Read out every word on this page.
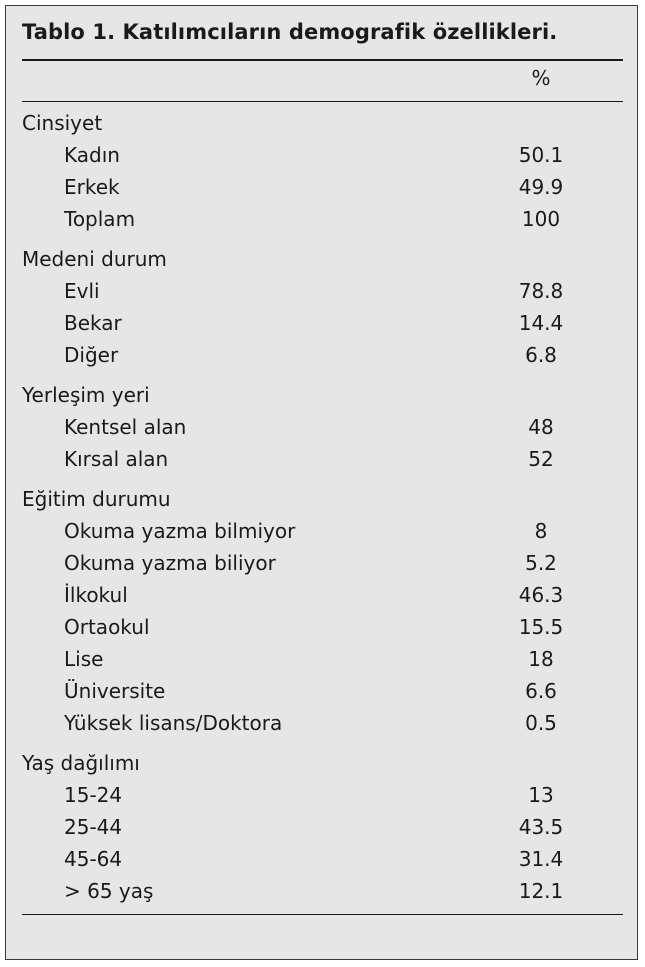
Tablo 1. Katılımcıların demografik özellikleri.
%
Cinsiyet
Kadın	50.1
Erkek	49.9
Toplam	100
Medeni durum
Evli	78.8
Bekar	14.4
Diğer	6.8
Yerleşim yeri
Kentsel alan	48
Kırsal alan	52
Eğitim durumu
Okuma yazma bilmiyor	8
Okuma yazma biliyor	5.2
İlkokul	46.3
Ortaokul	15.5
Lise	18
Üniversite	6.6
Yüksek lisans/Doktora	0.5
Yaş dağılımı
15-24	13
25-44	43.5
45-64	31.4
> 65 yaş	12.1
